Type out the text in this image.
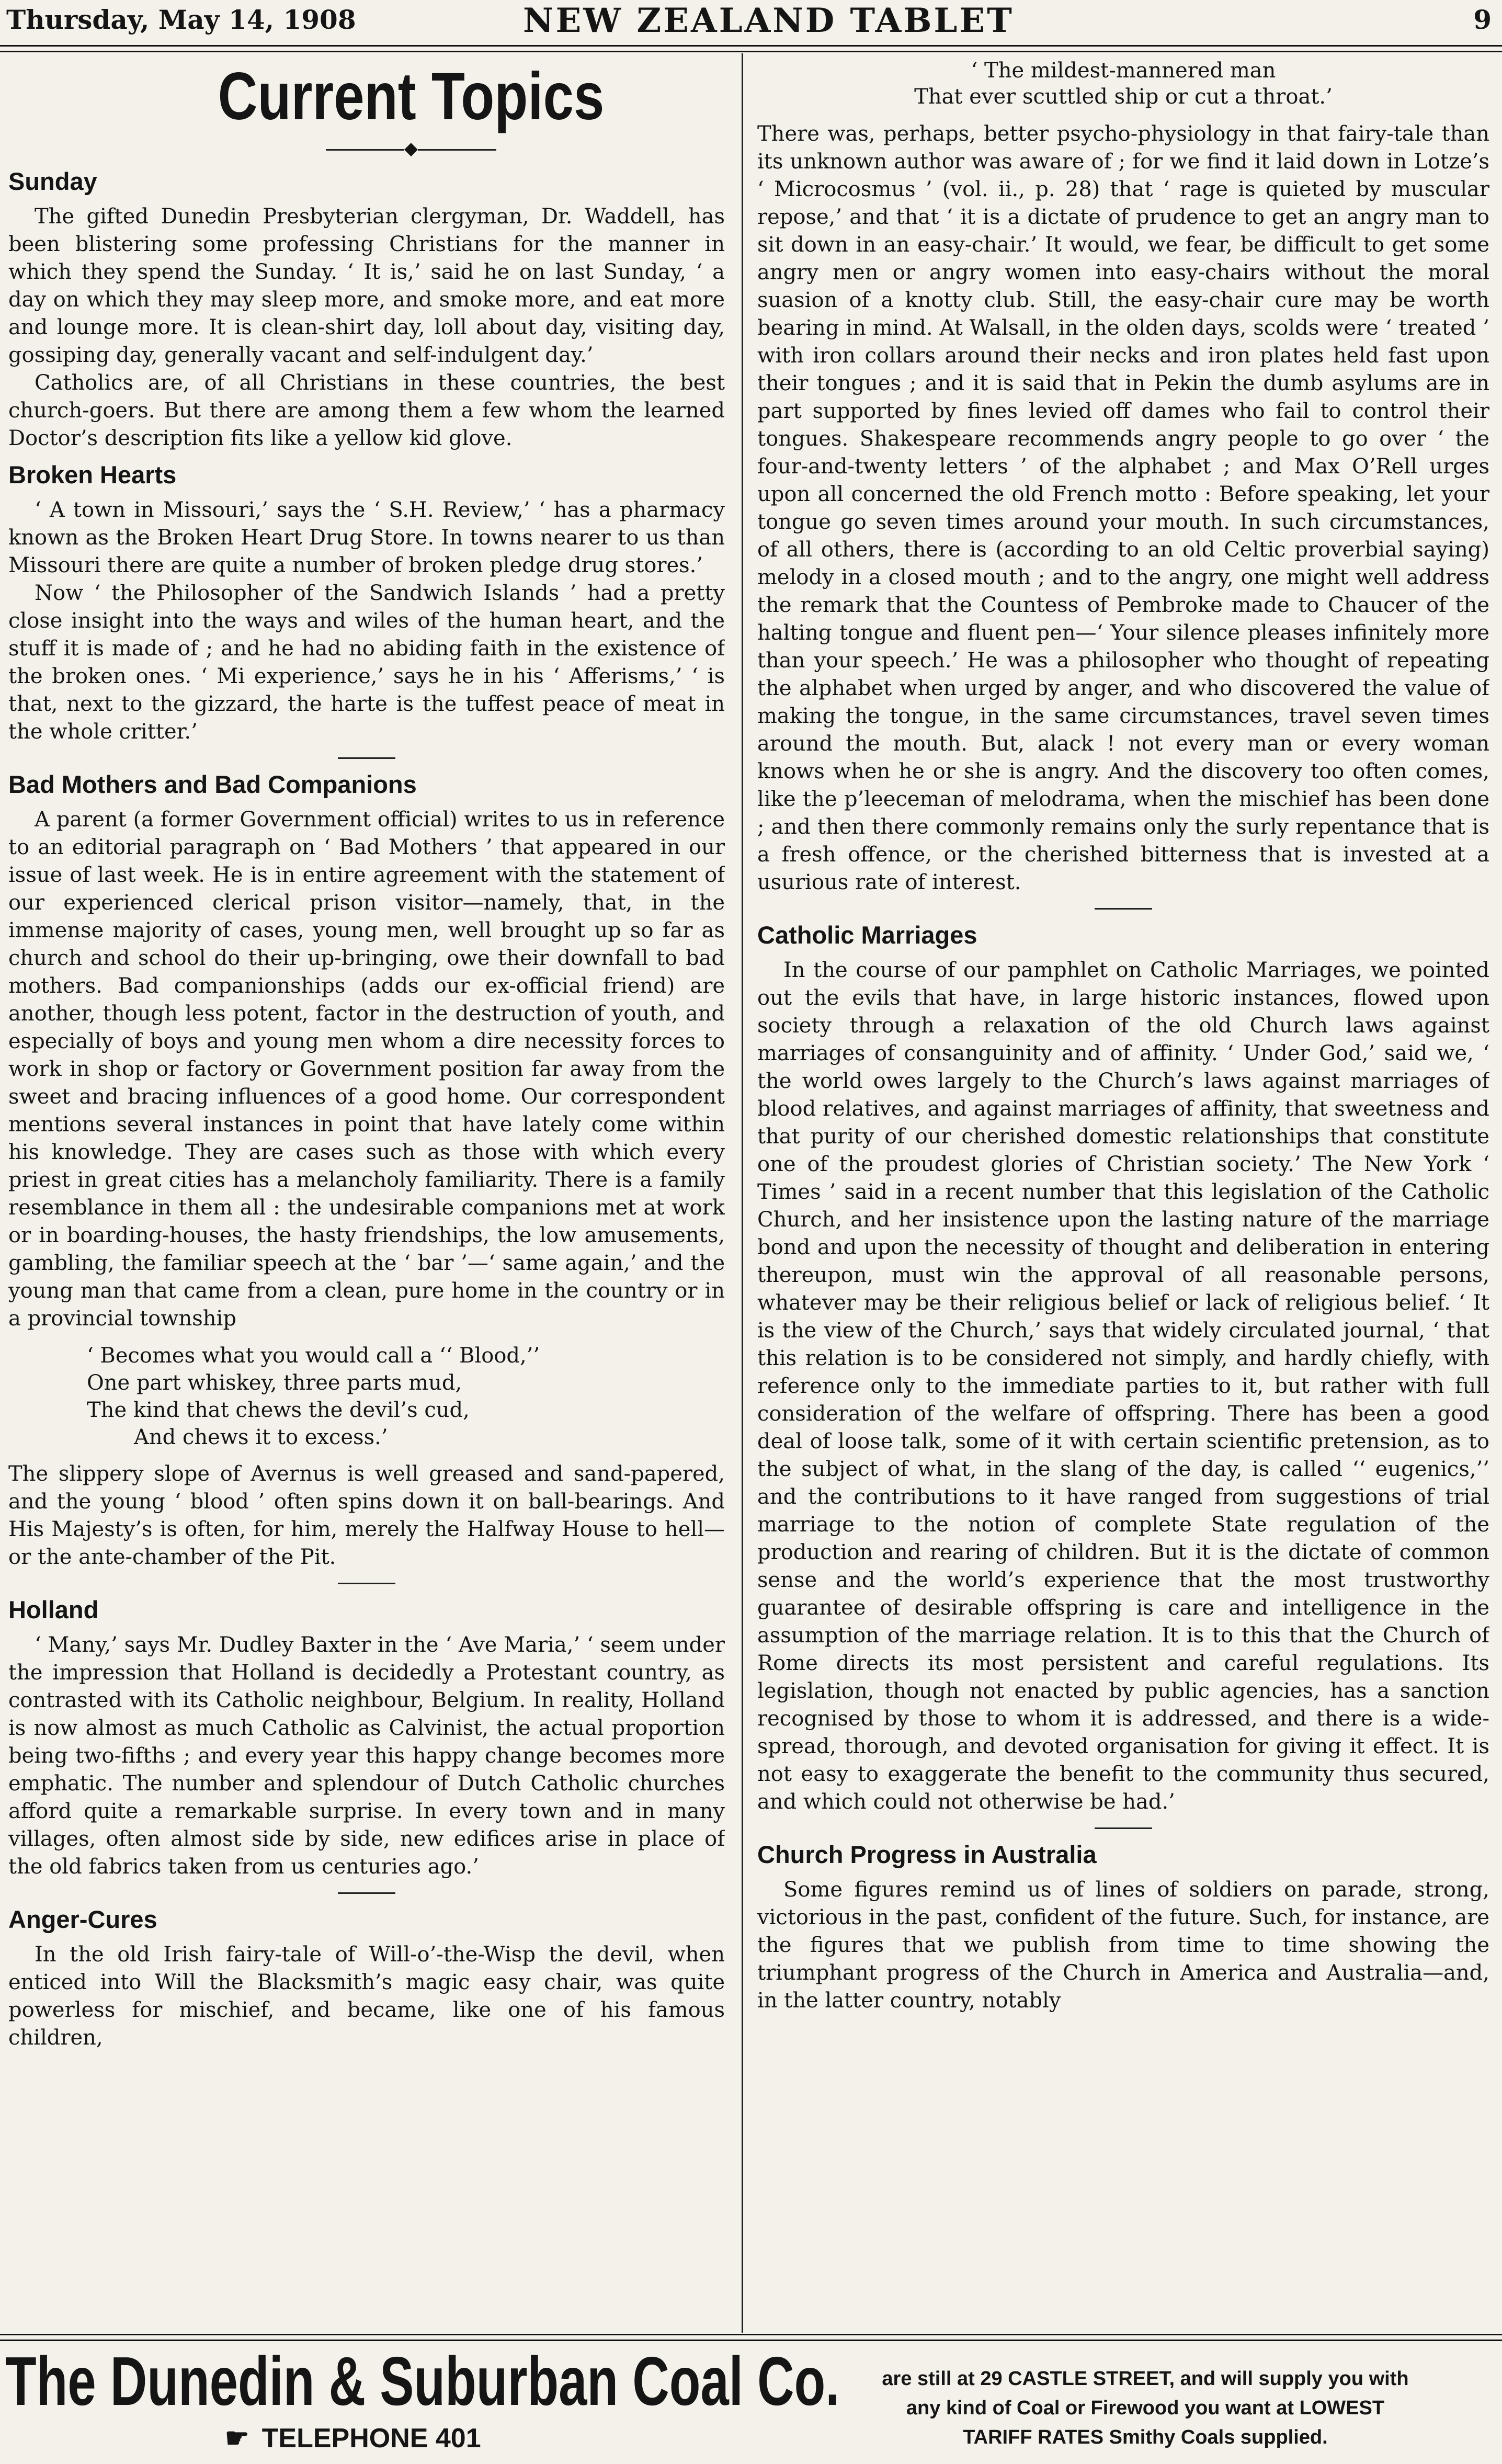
Thursday, May 14, 1908	NEW ZEALAND TABLET	9
Current Topics
◆
Sunday

The gifted Dunedin Presbyterian clergyman, Dr. Waddell, has been blistering some professing Christians for the manner in which they spend the Sunday. ‘ It is,’ said he on last Sunday, ‘ a day on which they may sleep more, and smoke more, and eat more and lounge more. It is clean-shirt day, loll about day, visiting day, gossiping day, generally vacant and self-indulgent day.’

Catholics are, of all Christians in these countries, the best church-goers. But there are among them a few whom the learned Doctor’s description fits like a yellow kid glove.

Broken Hearts

‘ A town in Missouri,’ says the ‘ S.H. Review,’ ‘ has a pharmacy known as the Broken Heart Drug Store. In towns nearer to us than Missouri there are quite a number of broken pledge drug stores.’

Now ‘ the Philosopher of the Sandwich Islands ’ had a pretty close insight into the ways and wiles of the human heart, and the stuff it is made of ; and he had no abiding faith in the existence of the broken ones. ‘ Mi experience,’ says he in his ‘ Afferisms,’ ‘ is that, next to the gizzard, the harte is the tuffest peace of meat in the whole critter.’

Bad Mothers and Bad Companions

A parent (a former Government official) writes to us in reference to an editorial paragraph on ‘ Bad Mothers ’ that appeared in our issue of last week. He is in entire agreement with the statement of our experienced clerical prison visitor—namely, that, in the immense majority of cases, young men, well brought up so far as church and school do their up-bringing, owe their downfall to bad mothers. Bad companionships (adds our ex-official friend) are another, though less potent, factor in the destruction of youth, and especially of boys and young men whom a dire necessity forces to work in shop or factory or Government position far away from the sweet and bracing influences of a good home. Our correspondent mentions several instances in point that have lately come within his knowledge. They are cases such as those with which every priest in great cities has a melancholy familiarity. There is a family resemblance in them all : the undesirable companions met at work or in boarding-houses, the hasty friendships, the low amusements, gambling, the familiar speech at the ‘ bar ’—‘ same again,’ and the young man that came from a clean, pure home in the country or in a provincial township

‘ Becomes what you would call a ‘‘ Blood,’’
One part whiskey, three parts mud,
The kind that chews the devil’s cud,
And chews it to excess.’

The slippery slope of Avernus is well greased and sand-papered, and the young ‘ blood ’ often spins down it on ball-bearings. And His Majesty’s is often, for him, merely the Halfway House to hell—or the ante-chamber of the Pit.

Holland

‘ Many,’ says Mr. Dudley Baxter in the ‘ Ave Maria,’ ‘ seem under the impression that Holland is decidedly a Protestant country, as contrasted with its Catholic neighbour, Belgium. In reality, Holland is now almost as much Catholic as Calvinist, the actual proportion being two-fifths ; and every year this happy change becomes more emphatic. The number and splendour of Dutch Catholic churches afford quite a remarkable surprise. In every town and in many villages, often almost side by side, new edifices arise in place of the old fabrics taken from us centuries ago.’

Anger-Cures

In the old Irish fairy-tale of Will-o’-the-Wisp the devil, when enticed into Will the Blacksmith’s magic easy chair, was quite powerless for mischief, and became, like one of his famous children,

‘ The mildest-mannered man
That ever scuttled ship or cut a throat.’

There was, perhaps, better psycho-physiology in that fairy-tale than its unknown author was aware of ; for we find it laid down in Lotze’s ‘ Microcosmus ’ (vol. ii., p. 28) that ‘ rage is quieted by muscular repose,’ and that ‘ it is a dictate of prudence to get an angry man to sit down in an easy-chair.’ It would, we fear, be difficult to get some angry men or angry women into easy-chairs without the moral suasion of a knotty club. Still, the easy-chair cure may be worth bearing in mind. At Walsall, in the olden days, scolds were ‘ treated ’ with iron collars around their necks and iron plates held fast upon their tongues ; and it is said that in Pekin the dumb asylums are in part supported by fines levied off dames who fail to control their tongues. Shakespeare recommends angry people to go over ‘ the four-and-twenty letters ’ of the alphabet ; and Max O’Rell urges upon all concerned the old French motto : Before speaking, let your tongue go seven times around your mouth. In such circumstances, of all others, there is (according to an old Celtic proverbial saying) melody in a closed mouth ; and to the angry, one might well address the remark that the Countess of Pembroke made to Chaucer of the halting tongue and fluent pen—‘ Your silence pleases infinitely more than your speech.’ He was a philosopher who thought of repeating the alphabet when urged by anger, and who discovered the value of making the tongue, in the same circumstances, travel seven times around the mouth. But, alack ! not every man or every woman knows when he or she is angry. And the discovery too often comes, like the p’leeceman of melodrama, when the mischief has been done ; and then there commonly remains only the surly repentance that is a fresh offence, or the cherished bitterness that is invested at a usurious rate of interest.

Catholic Marriages

In the course of our pamphlet on Catholic Marriages, we pointed out the evils that have, in large historic instances, flowed upon society through a relaxation of the old Church laws against marriages of consanguinity and of affinity. ‘ Under God,’ said we, ‘ the world owes largely to the Church’s laws against marriages of blood relatives, and against marriages of affinity, that sweetness and that purity of our cherished domestic relationships that constitute one of the proudest glories of Christian society.’ The New York ‘ Times ’ said in a recent number that this legislation of the Catholic Church, and her insistence upon the lasting nature of the marriage bond and upon the necessity of thought and deliberation in entering thereupon, must win the approval of all reasonable persons, whatever may be their religious belief or lack of religious belief. ‘ It is the view of the Church,’ says that widely circulated journal, ‘ that this relation is to be considered not simply, and hardly chiefly, with reference only to the immediate parties to it, but rather with full consideration of the welfare of offspring. There has been a good deal of loose talk, some of it with certain scientific pretension, as to the subject of what, in the slang of the day, is called ‘‘ eugenics,’’ and the contributions to it have ranged from suggestions of trial marriage to the notion of complete State regulation of the production and rearing of children. But it is the dictate of common sense and the world’s experience that the most trustworthy guarantee of desirable offspring is care and intelligence in the assumption of the marriage relation. It is to this that the Church of Rome directs its most persistent and careful regulations. Its legislation, though not enacted by public agencies, has a sanction recognised by those to whom it is addressed, and there is a wide-spread, thorough, and devoted organisation for giving it effect. It is not easy to exaggerate the benefit to the community thus secured, and which could not otherwise be had.’

Church Progress in Australia

Some figures remind us of lines of soldiers on parade, strong, victorious in the past, confident of the future. Such, for instance, are the figures that we publish from time to time showing the triumphant progress of the Church in America and Australia—and, in the latter country, notably

The Dunedin & Suburban Coal Co.
☛ TELEPHONE 401
are still at 29 CASTLE STREET, and will supply you with
any kind of Coal or Firewood you want at LOWEST
TARIFF RATES Smithy Coals supplied.
